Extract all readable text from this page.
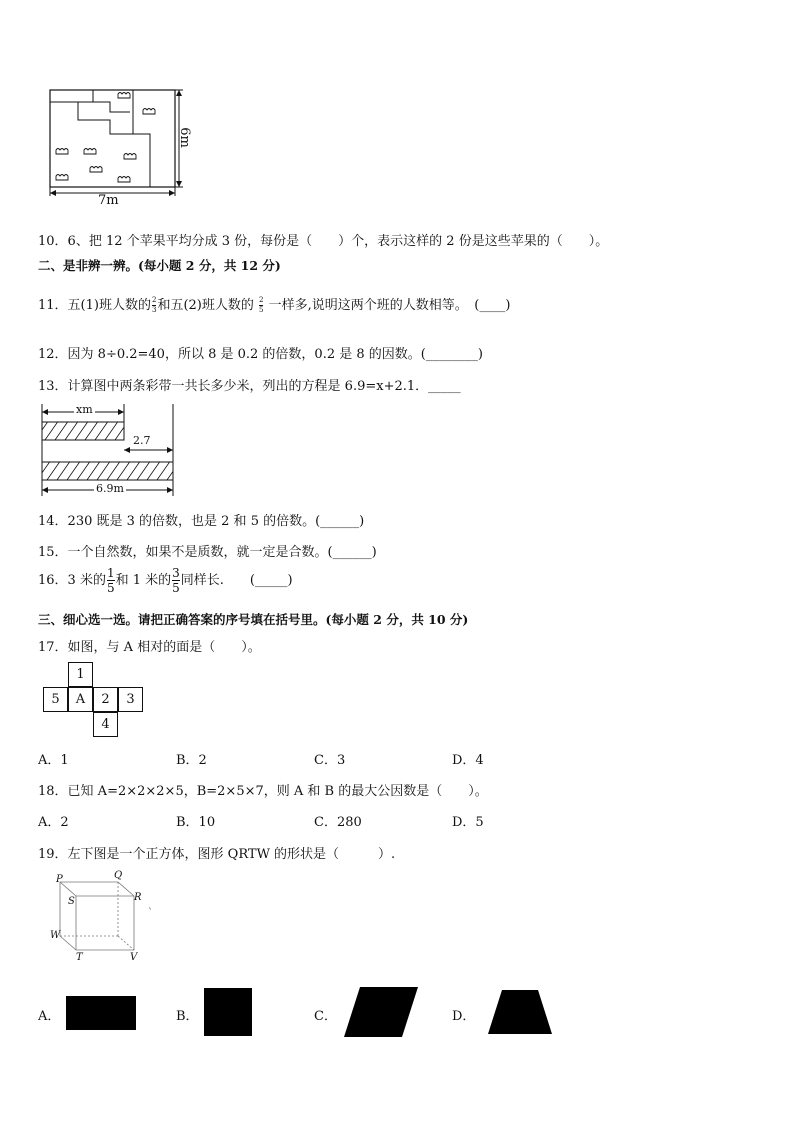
6m
7m
10．6、把 12 个苹果平均分成 3 份，每份是（　　）个，表示这样的 2 份是这些苹果的（　　）。
二、是非辨一辨。(每小题 2 分，共 12 分)
11．五(1)班人数的 $\frac{2}{3}$ 和五(2)班人数的 $\frac{2}{5}$ 一样多,说明这两个班的人数相等。　(____)
12．因为 8÷0.2=40，所以 8 是 0.2 的倍数，0.2 是 8 的因数。(________)
13．计算图中两条彩带一共长多少米，列出的方程是 6.9=x+2.1．_____
xm
2.7
6.9m
14．230 既是 3 的倍数，也是 2 和 5 的倍数。(______)
15．一个自然数，如果不是质数，就一定是合数。(______)
16．3 米的 $\frac{1}{5}$ 和 1 米的 $\frac{3}{5}$ 同样长.　　(_____)
三、细心选一选。请把正确答案的序号填在括号里。(每小题 2 分，共 10 分)
17．如图，与 A 相对的面是（　　）。
1
5	A	2	3
4
A．1	B．2	C．3	D．4
18．已知 A=2×2×2×5，B=2×5×7，则 A 和 B 的最大公因数是（　　）。
A．2	B．10	C．280	D．5
19．左下图是一个正方体，图形 QRTW 的形状是（　　　）.
P	Q
R
S
W
T	V
`
A．	B．	C．	D．
